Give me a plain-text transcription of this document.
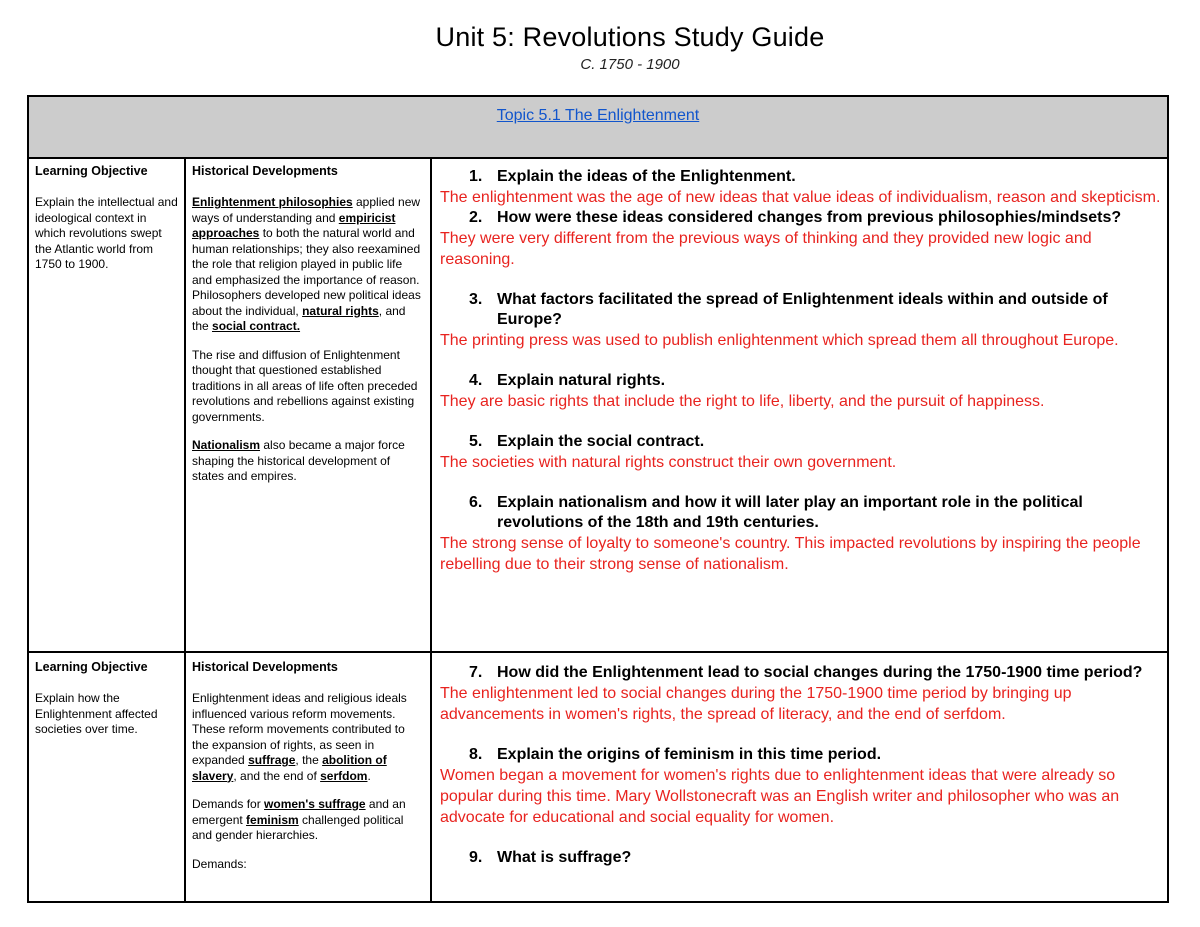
Unit 5: Revolutions Study Guide
C. 1750 - 1900
Topic 5.1 The Enlightenment
Learning Objective

Explain the intellectual and ideological context in which revolutions swept the Atlantic world from 1750 to 1900.

Historical Developments

Enlightenment philosophies applied new ways of understanding and empiricist approaches to both the natural world and human relationships; they also reexamined the role that religion played in public life and emphasized the importance of reason. Philosophers developed new political ideas about the individual, natural rights, and the social contract.

The rise and diffusion of Enlightenment thought that questioned established traditions in all areas of life often preceded revolutions and rebellions against existing governments.

Nationalism also became a major force shaping the historical development of states and empires.

1. Explain the ideas of the Enlightenment.
The enlightenment was the age of new ideas that value ideas of individualism, reason and skepticism.
2. How were these ideas considered changes from previous philosophies/mindsets?
They were very different from the previous ways of thinking and they provided new logic and reasoning.
3. What factors facilitated the spread of Enlightenment ideals within and outside of Europe?
The printing press was used to publish enlightenment which spread them all throughout Europe.
4. Explain natural rights.
They are basic rights that include the right to life, liberty, and the pursuit of happiness.
5. Explain the social contract.
The societies with natural rights construct their own government.
6. Explain nationalism and how it will later play an important role in the political revolutions of the 18th and 19th centuries.
The strong sense of loyalty to someone's country. This impacted revolutions by inspiring the people rebelling due to their strong sense of nationalism.
Learning Objective

Explain how the Enlightenment affected societies over time.

Historical Developments

Enlightenment ideas and religious ideals influenced various reform movements. These reform movements contributed to the expansion of rights, as seen in expanded suffrage, the abolition of slavery, and the end of serfdom.

Demands for women's suffrage and an emergent feminism challenged political and gender hierarchies.

Demands:

7. How did the Enlightenment lead to social changes during the 1750-1900 time period?
The enlightenment led to social changes during the 1750-1900 time period by bringing up advancements in women's rights, the spread of literacy, and the end of serfdom.
8. Explain the origins of feminism in this time period.
Women began a movement for women's rights due to enlightenment ideas that were already so popular during this time. Mary Wollstonecraft was an English writer and philosopher who was an advocate for educational and social equality for women.
9. What is suffrage?
